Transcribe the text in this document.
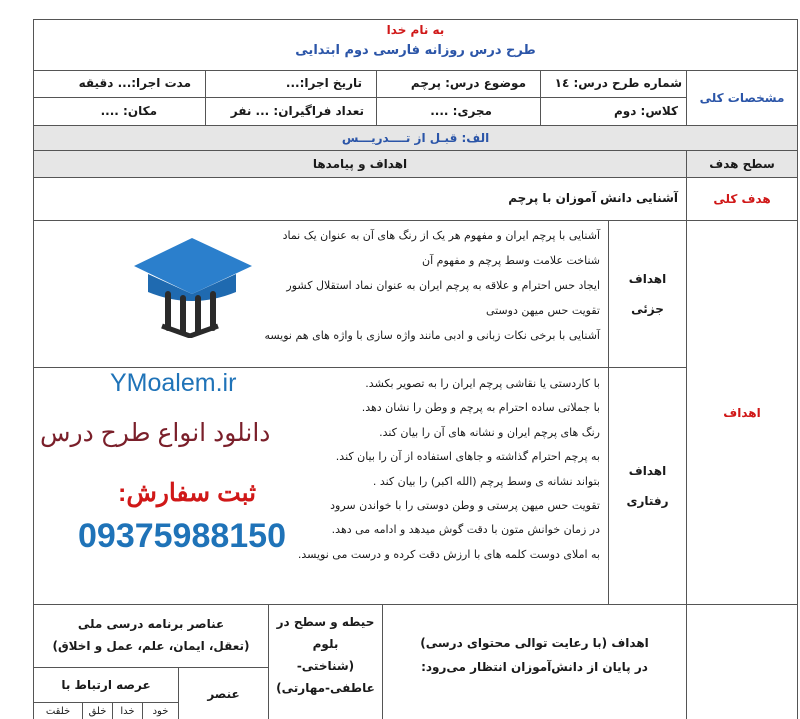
به نام خدا
طرح درس روزانه فارسی دوم ابتدایی
مشخصات کلی
شماره طرح درس: ۱٤
موضوع درس: پرچم
تاریخ اجرا:...
مدت اجرا:... دقیقه
کلاس: دوم
مجری: ....
تعداد فراگیران: ... نفر
مکان: ....
الف: قبـل از تــــدریـــس
سطح هدف
اهداف و پیامدها
هدف کلی
آشنایی دانش آموزان با پرچم
اهداف
اهداف
جزئی
آشنایی با پرچم ایران و مفهوم هر یک از رنگ های آن به عنوان یک نماد
شناخت علامت وسط پرچم و مفهوم آن
ایجاد حس احترام و علاقه به پرچم ایران به عنوان نماد استقلال کشور
تقویت حس میهن دوستی
آشنایی با برخی نکات زبانی و ادبی مانند واژه سازی با واژه های هم نویسه
اهداف
رفتاری
با کاردستی یا نقاشی پرچم ایران را به تصویر بکشد.
با جملاتی ساده احترام به پرچم و وطن را نشان دهد.
رنگ های پرچم ایران و نشانه های آن را بیان کند.
به پرچم احترام گذاشته و جاهای استفاده از آن را بیان کند.
بتواند نشانه ی وسط پرچم (الله اکبر) را بیان کند .
تقویت حس میهن پرستی و وطن دوستی را با خواندن سرود
در زمان خوانش متون با دقت گوش میدهد و ادامه می دهد.
به املای دوست کلمه های با ارزش دقت کرده و درست می نویسد.
YMoalem.ir
دانلود انواع طرح درس
ثبت سفارش:
09375988150
اهداف (با رعایت توالی محتوای درسی)
در پایان از دانش‌آموزان انتظار می‌رود:
حیطه و سطح در
بلوم
(شناختی-
عاطفی-مهارتی)
عناصر برنامه درسی ملی
(تعقل، ایمان، علم، عمل و اخلاق)
عنصر
عرصه ارتباط با
خود
خدا
خلق
خلقت
